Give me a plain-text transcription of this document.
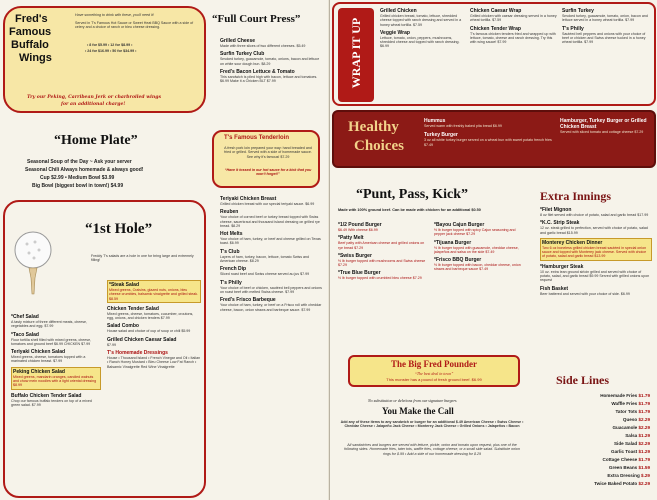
Fred's
Famous
Buffalo
Wings
Have something to drink with these, you'll need it!
Served in T's Famous Hot Sauce or Sweet Heat BBQ Sauce with a side of celery and a choice of ranch or bleu cheese dressing.
• 8 for $5.99 • 12 for $8.99 •
• 24 for $16.99 • 50 for $34.99 •
Try our Peking, Carribean Jerk or charbroiled wings
for an additional charge!
“Home Plate”
Seasonal Soup of the Day ~ Ask your server
Seasonal Chili Always homemade & always good!
Cup $2.99 • Medium Bowl $3.99
Big Bowl (biggest bowl in town!) $4.99
“1st Hole”
Freddy T's salads are a hole in one for bring large and extremely filling!
*Chef Salad
A tasty mixture of three different meats, cheese, vegetables and egg. $7.99
*Taco Salad
Flour tortilla shell filled with mixed greens, cheese, tomatoes and ground beef $6.99 CHICKEN $7.99
Teriyaki Chicken Salad
Mixed greens, cheese, tomatoes topped with a marinated chicken breast. $7.99
Peking Chicken Salad
Mixed greens, mandarin oranges, candied walnuts and chow mein noodles with a light oriental dressing $8.99
Buffalo Chicken Tender Salad
Chop our famous buffalo tenders on top of a mixed green salad. $7.99
*Steak Salad
Mixed greens, Craisins, glazed nuts, onions, bleu cheese crumbles, balsamic vinaigrette and grilled steak. $8.59
Chicken Tender Salad
Mixed greens, cheese, tomatoes, cucumber, croutons, egg, onions, and chicken tenders $7.99
Salad Combo
House salad and choice of cup of soup or chili $5.99
Grilled Chicken Caesar Salad
$7.99
T's Homemade Dressings
House • Thousand Island • French Vinegar and Oil • Italian • Ranch Honey Mustard • Bleu Cheese Low Fat Ranch • Balsamic Vinaigrette Red Wine Vinaigrette
“Full Court Press”
Grilled Cheese
Made with three slices of two different cheeses. $5.49
Surfin Turkey Club
Smoked turkey, guacamole, tomato, onions, bacon and lettuce on white sour dough bun. $8.29
Fred's Bacon Lettuce & Tomato
This sandwich is piled high with bacon, lettuce and tomatoes. $6.99 Make it a Chicken BLT $7.99
T's Famous Tenderloin
A fresh pork loin prepared your way: hand breaded and fried or grilled. Served with a side of homemade sauce. See why it's famous! $7.29
“Have it tossed in our hot sauce for a kick that you won't forget!”
Teriyaki Chicken Breast
Grilled chicken breast with our special teriyaki sauce. $6.99
Reuben
Your choice of corned beef or turkey breast topped with Swiss cheese, sauerkraut and thousand island dressing on grilled rye bread. $8.29
Hot Melts
Your choice of ham, turkey, or beef and cheese grilled on Texas toast. $6.99
T's Club
Layers of ham, turkey, bacon, lettuce, tomato Swiss and American cheese. $8.29
French Dip
Sliced roast beef and Swiss cheese served au jus $7.99
T's Philly
Your choice of beef or chicken, sautéed bell peppers and onions on roast beef with melted Swiss cheese. $7.99
Fred's Frisco Barbeque
Your choice of ham, turkey, or beef on a Frisco roll with cheddar cheese, bacon, onion straws and barbeque sauce. $7.99
WRAP IT UP
Grilled Chicken
Grilled chicken breast, tomato, lettuce, shredded cheese topped with ranch dressing and served in a honey wheat tortilla. $7.59
Veggie Wrap
Lettuce, tomato, onion, peppers, mushrooms, shredded cheese and topped with ranch dressing. $6.99
Chicken Caesar Wrap
Grilled chicken with caesar dressing served in a honey wheat tortilla. $7.59
Chicken Tender Wrap
T's famous chicken tenders fried and wrapped up with lettuce, tomato, cheese and ranch dressing. Try this with wing sauce! $7.99
Surfin Turkey
Smoked turkey, guacamole, tomato, onion, bacon and lettuce served in a honey wheat tortilla. $7.99
T's Philly
Sautéed bell peppers and onions with your choice of beef or chicken and Swiss cheese tucked in a honey wheat tortilla. $7.99
Healthy
Choices
Hummus
Served warm with freshly baked pita bread $6.99
Turkey Burger
3 oz all white turkey burger served on a wheat bun with sweet potato french fries $7.49
Hamburger, Turkey Burger or Grilled Chicken Breast
Served with sliced tomato and cottage cheese $7.29
“Punt, Pass, Kick”
Made with 100% ground beef. Can be made with chicken for an additional $0.50
*1/2 Pound Burger
$6.49 With cheese $6.99
*Patty Melt
Beef patty with American cheese and grilled onions on rye bread $7.29
*Swiss Burger
½ lb burger topped with mushrooms and Swiss cheese $7.29
*True Blue Burger
½ lb burger topped with crumbled bleu cheese $7.29
*Bayou Cajun Burger
½ lb burger topped with spicy Cajun seasoning and pepper jack cheese $7.29
*Tijuana Burger
½ lb burger topped with guacamole, cheddar cheese, jalapeños and salsa on the side $7.49
*Frisco BBQ Burger
½ lb burger topped with bacon, cheddar cheese, onion straws and barbeque sauce $7.49
The Big Fred Pounder
“The best deal in town”
This monster has a pound of fresh ground beef. $6.99
No substitution or deletions from our signature burgers
You Make the Call
Add any of these items to any sandwich or burger for an additional $.49 American Cheese • Swiss Cheese • Cheddar Cheese • Jalapeño Jack Cheese • Monterey Jack Cheese • Grilled Onions • Jalapeños • Bacon
All sandwiches and burgers are served with lettuce, pickle, onion and tomato upon request, plus one of the following sides. Homemade fries, tater tots, waffle fries, cottage cheese, or a small side salad. Substitute onion rings for $.99 • Add a side of our homemade dressing for $.29
Extra Innings
*Filet Mignon
8 oz filet served with choice of potato, salad and garlic bread $17.99
*K.C. Strip Steak
12 oz. steak grilled to perfection, served with choice of potato, salad and garlic bread $15.99
Monterey Chicken Dinner
Two 6 oz boneless grilled chicken breast sautéed in special onion sauce and topped with Monterey jack cheese. Served with choice of potato, salad and garlic bread $13.99
*Hamburger Steak
10 oz. extra lean ground sirloin grilled and served with choice of potato, salad, and garlic bread $9.99 Served with grilled onions upon request
Fish Basket
Beer battered and served with your choice of side. $6.99
Side Lines
Homemade Fries $1.79
Waffle Fries $1.79
Tator Tots $1.79
Queso $2.29
Guacamole $2.29
Salsa $1.29
Side Salad $2.29
Garlic Toast $1.29
Cottage Cheese $1.79
Green Beans $1.59
Extra Dressing $.29
Twice Baked Potato $2.29
